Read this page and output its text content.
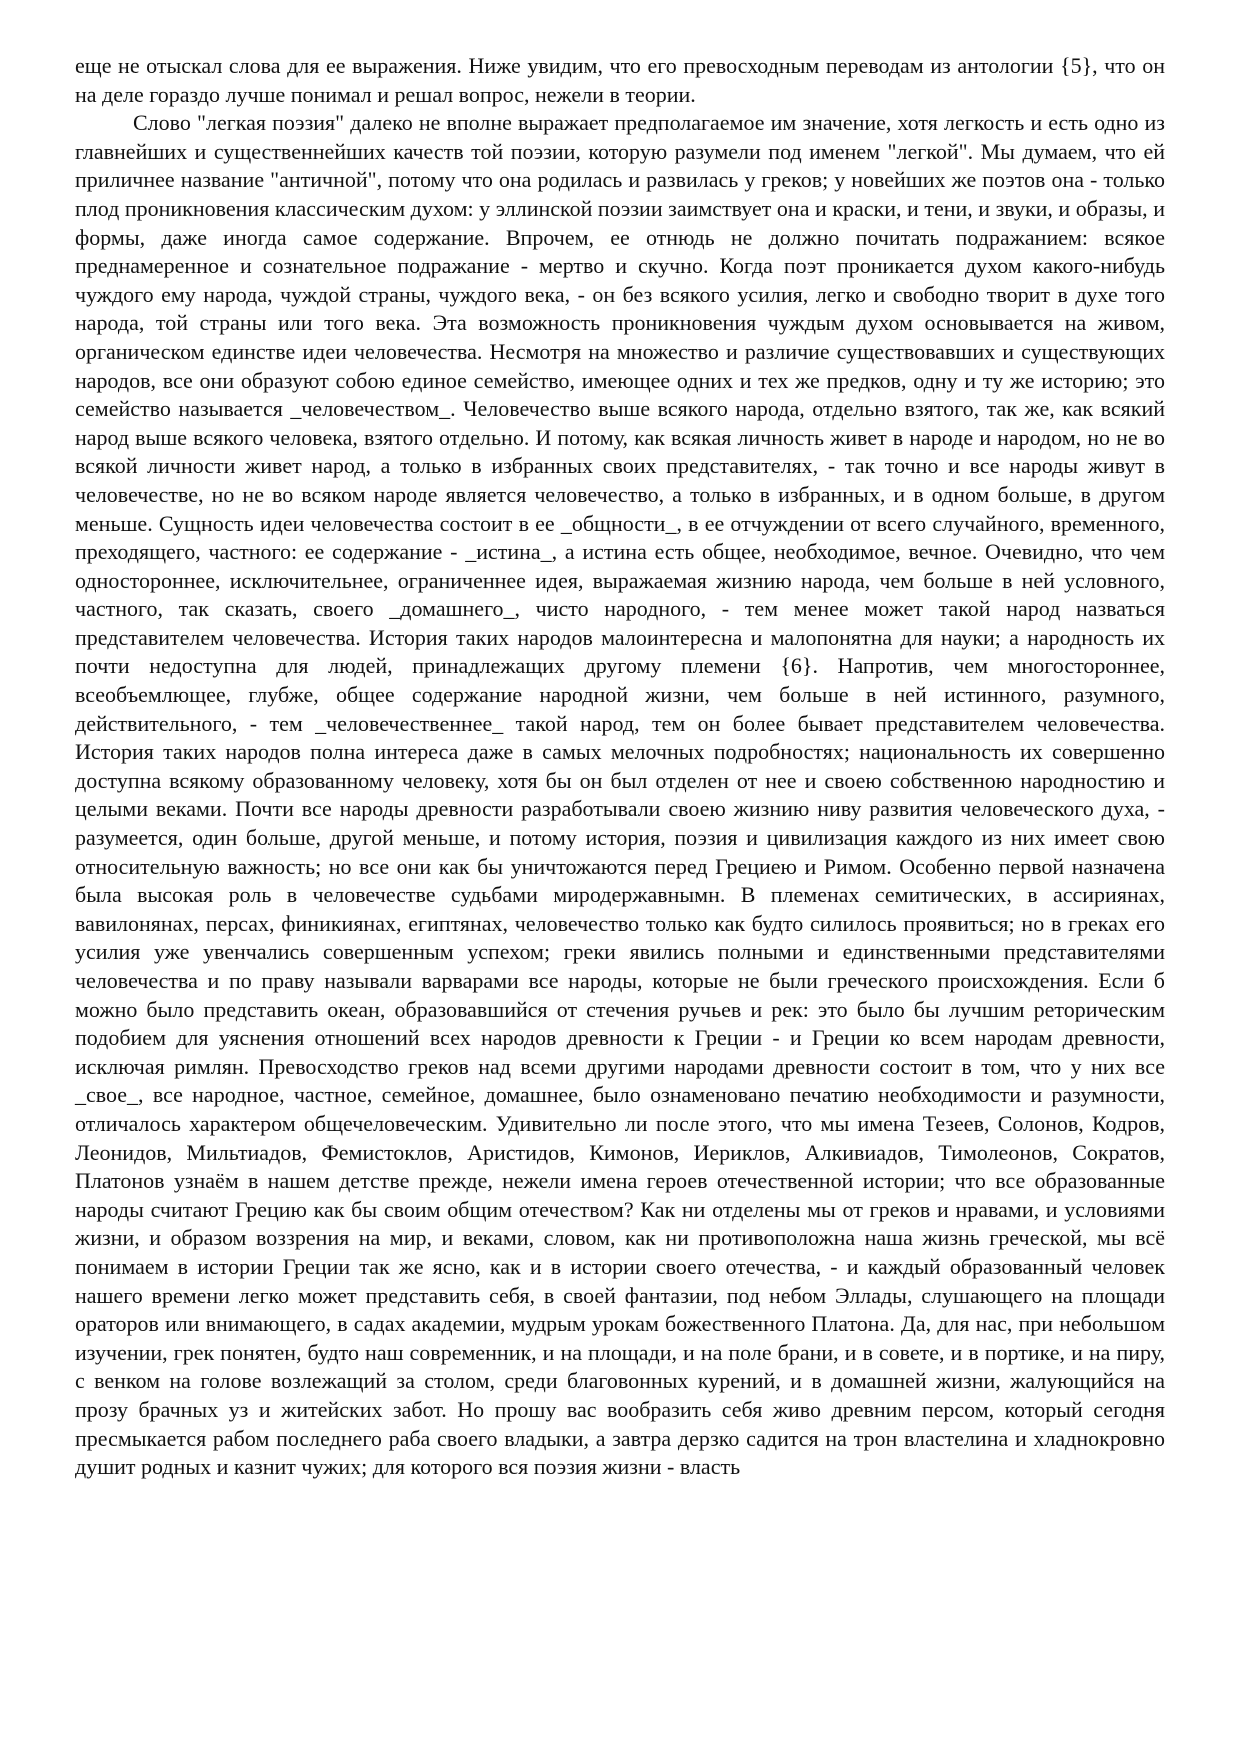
еще не отыскал слова для ее выражения. Ниже увидим, что его превосходным переводам из антологии {5}, что он на деле гораздо лучше понимал и решал вопрос, нежели в теории.

Слово "легкая поэзия" далеко не вполне выражает предполагаемое им значение, хотя легкость и есть одно из главнейших и существеннейших качеств той поэзии, которую разумели под именем "легкой". Мы думаем, что ей приличнее название "античной", потому что она родилась и развилась у греков; у новейших же поэтов она - только плод проникновения классическим духом: у эллинской поэзии заимствует она и краски, и тени, и звуки, и образы, и формы, даже иногда самое содержание. Впрочем, ее отнюдь не должно почитать подражанием: всякое преднамеренное и сознательное подражание - мертво и скучно. Когда поэт проникается духом какого-нибудь чуждого ему народа, чуждой страны, чуждого века, - он без всякого усилия, легко и свободно творит в духе того народа, той страны или того века. Эта возможность проникновения чуждым духом основывается на живом, органическом единстве идеи человечества. Несмотря на множество и различие существовавших и существующих народов, все они образуют собою единое семейство, имеющее одних и тех же предков, одну и ту же историю; это семейство называется _человечеством_. Человечество выше всякого народа, отдельно взятого, так же, как всякий народ выше всякого человека, взятого отдельно. И потому, как всякая личность живет в народе и народом, но не во всякой личности живет народ, а только в избранных своих представителях, - так точно и все народы живут в человечестве, но не во всяком народе является человечество, а только в избранных, и в одном больше, в другом меньше. Сущность идеи человечества состоит в ее _общности_, в ее отчуждении от всего случайного, временного, преходящего, частного: ее содержание - _истина_, а истина есть общее, необходимое, вечное. Очевидно, что чем одностороннее, исключительнее, ограниченнее идея, выражаемая жизнию народа, чем больше в ней условного, частного, так сказать, своего _домашнего_, чисто народного, - тем менее может такой народ назваться представителем человечества. История таких народов малоинтересна и малопонятна для науки; а народность их почти недоступна для людей, принадлежащих другому племени {6}. Напротив, чем многостороннее, всеобъемлющее, глубже, общее содержание народной жизни, чем больше в ней истинного, разумного, действительного, - тем _человечественнее_ такой народ, тем он более бывает представителем человечества. История таких народов полна интереса даже в самых мелочных подробностях; национальность их совершенно доступна всякому образованному человеку, хотя бы он был отделен от нее и своею собственною народностию и целыми веками. Почти все народы древности разработывали своею жизнию ниву развития человеческого духа, - разумеется, один больше, другой меньше, и потому история, поэзия и цивилизация каждого из них имеет свою относительную важность; но все они как бы уничтожаются перед Грециею и Римом. Особенно первой назначена была высокая роль в человечестве судьбами миродержавнымн. В племенах семитических, в ассириянах, вавилонянах, персах, финикиянах, египтянах, человечество только как будто силилось проявиться; но в греках его усилия уже увенчались совершенным успехом; греки явились полными и единственными представителями человечества и по праву называли варварами все народы, которые не были греческого происхождения. Если б можно было представить океан, образовавшийся от стечения ручьев и рек: это было бы лучшим реторическим подобием для уяснения отношений всех народов древности к Греции - и Греции ко всем народам древности, исключая римлян. Превосходство греков над всеми другими народами древности состоит в том, что у них все _свое_, все народное, частное, семейное, домашнее, было ознаменовано печатию необходимости и разумности, отличалось характером общечеловеческим. Удивительно ли после этого, что мы имена Тезеев, Солонов, Кодров, Леонидов, Мильтиадов, Фемистоклов, Аристидов, Кимонов, Иериклов, Алкивиадов, Тимолеонов, Сократов, Платонов узнаём в нашем детстве прежде, нежели имена героев отечественной истории; что все образованные народы считают Грецию как бы своим общим отечеством? Как ни отделены мы от греков и нравами, и условиями жизни, и образом воззрения на мир, и веками, словом, как ни противоположна наша жизнь греческой, мы всё понимаем в истории Греции так же ясно, как и в истории своего отечества, - и каждый образованный человек нашего времени легко может представить себя, в своей фантазии, под небом Эллады, слушающего на площади ораторов или внимающего, в садах академии, мудрым урокам божественного Платона. Да, для нас, при небольшом изучении, грек понятен, будто наш современник, и на площади, и на поле брани, и в совете, и в портике, и на пиру, с венком на голове возлежащий за столом, среди благовонных курений, и в домашней жизни, жалующийся на прозу брачных уз и житейских забот. Но прошу вас вообразить себя живо древним персом, который сегодня пресмыкается рабом последнего раба своего владыки, а завтра дерзко садится на трон властелина и хладнокровно душит родных и казнит чужих; для которого вся поэзия жизни - власть
